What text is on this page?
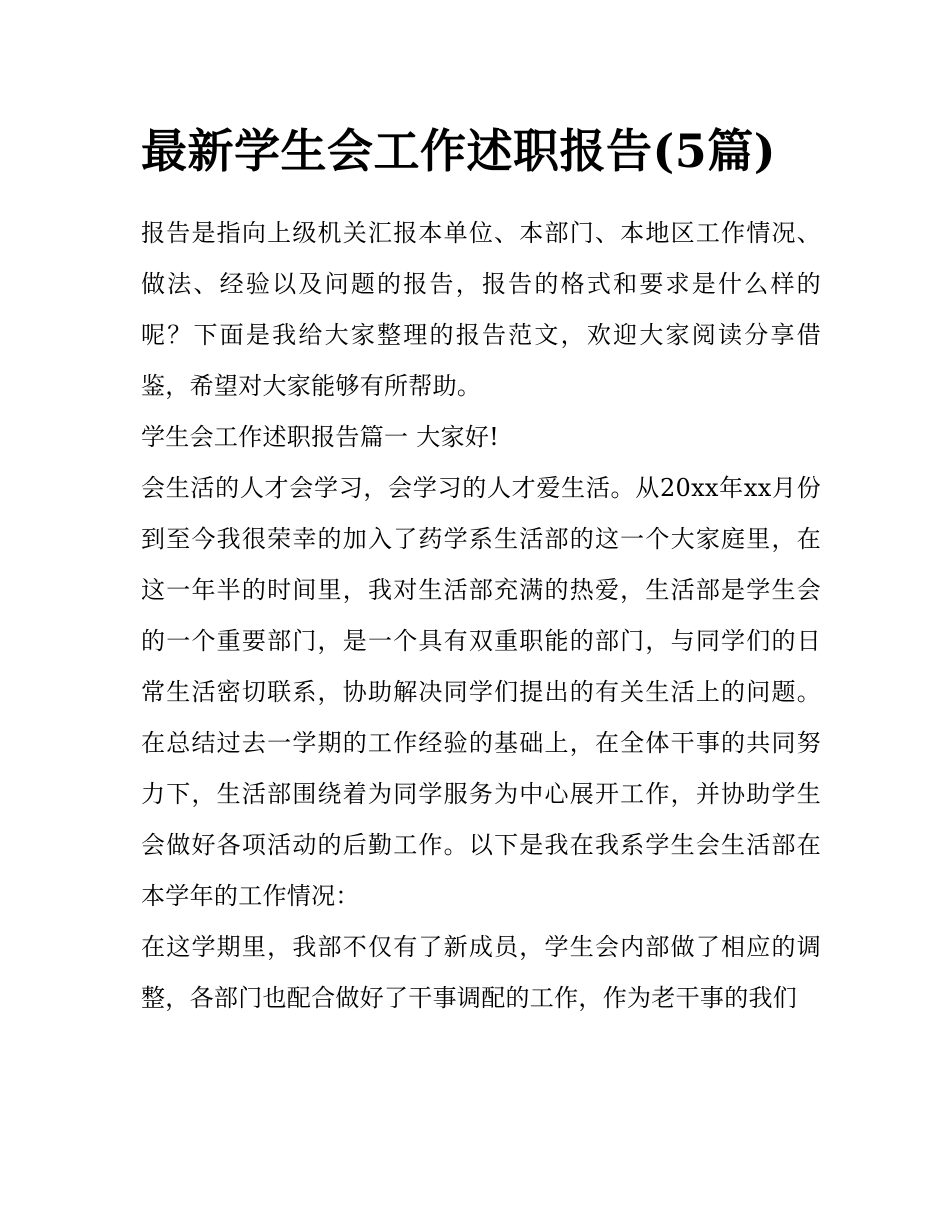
最新学生会工作述职报告(5篇)

报告是指向上级机关汇报本单位、本部门、本地区工作情况、做法、经验以及问题的报告，报告的格式和要求是什么样的呢？下面是我给大家整理的报告范文，欢迎大家阅读分享借鉴，希望对大家能够有所帮助。

学生会工作述职报告篇一 大家好!

会生活的人才会学习，会学习的人才爱生活。从20xx年xx月份到至今我很荣幸的加入了药学系生活部的这一个大家庭里，在这一年半的时间里，我对生活部充满的热爱，生活部是学生会的一个重要部门，是一个具有双重职能的部门，与同学们的日常生活密切联系，协助解决同学们提出的有关生活上的问题。在总结过去一学期的工作经验的基础上，在全体干事的共同努力下，生活部围绕着为同学服务为中心展开工作，并协助学生会做好各项活动的后勤工作。以下是我在我系学生会生活部在本学年的工作情况：

在这学期里，我部不仅有了新成员，学生会内部做了相应的调整，各部门也配合做好了干事调配的工作，作为老干事的我们
